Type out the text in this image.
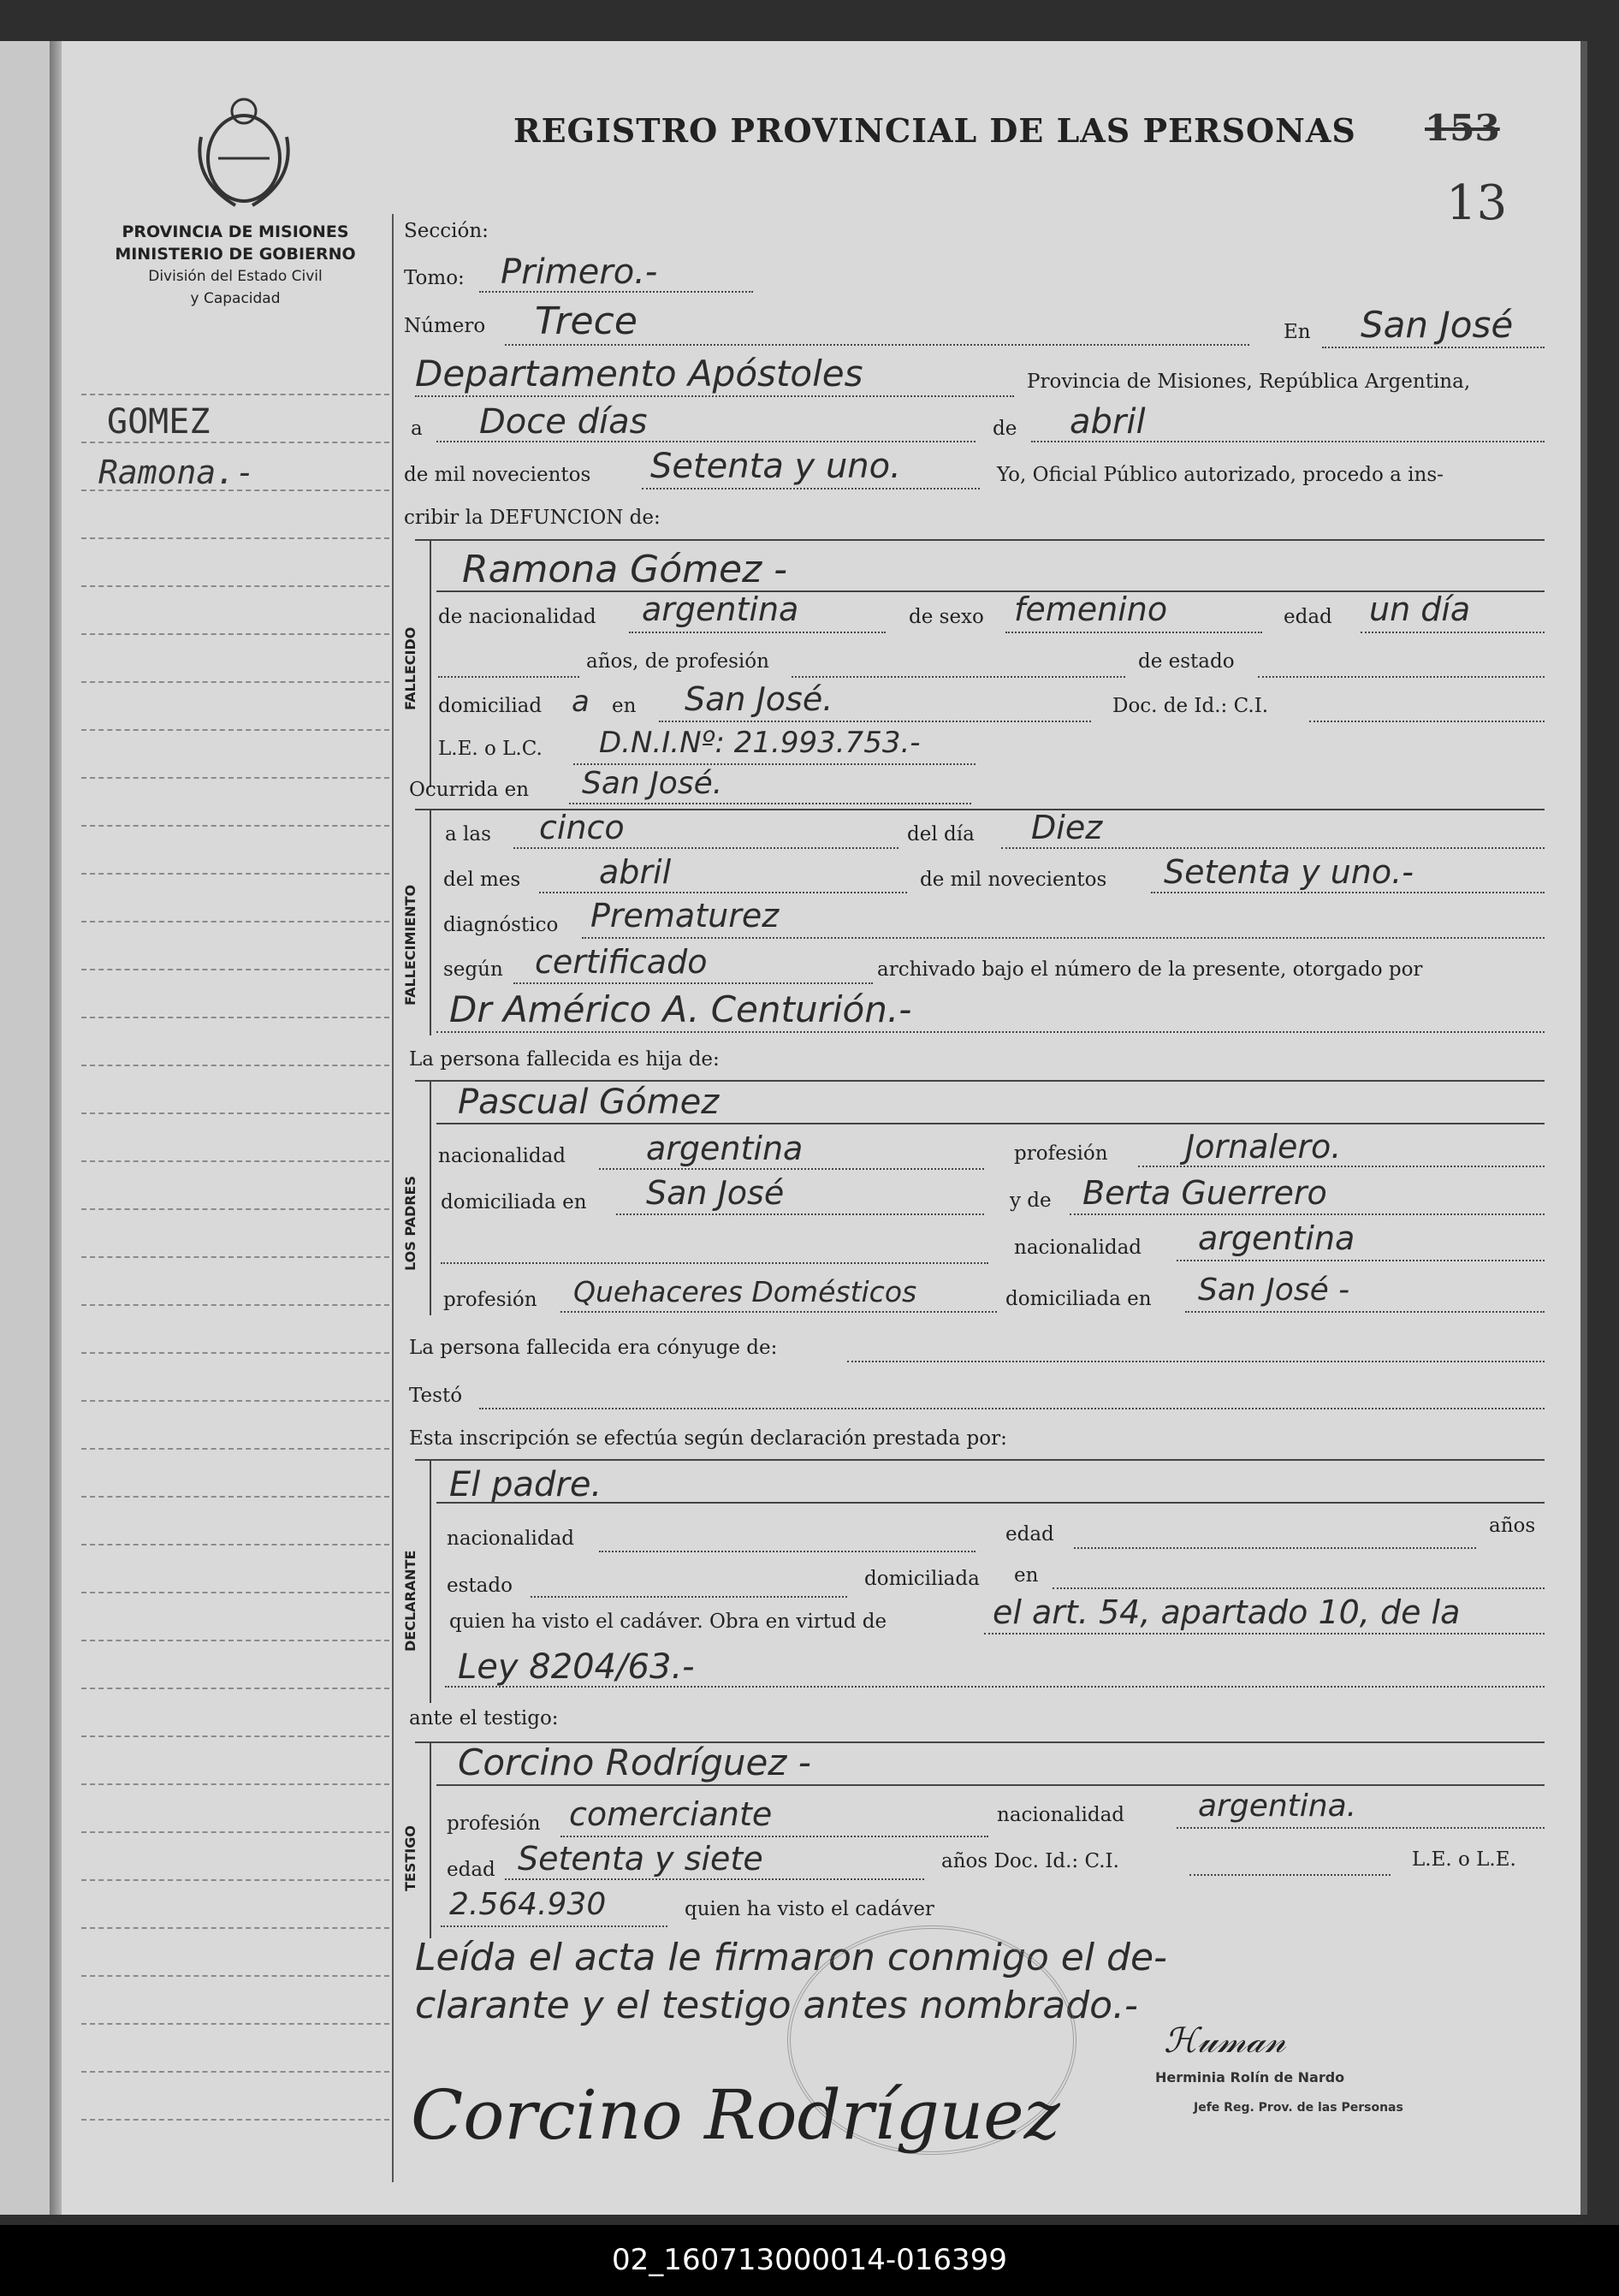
REGISTRO PROVINCIAL DE LAS PERSONAS 153
13
PROVINCIA DE MISIONES
MINISTERIO DE GOBIERNO
División del Estado Civil
y Capacidad
GOMEZ
Ramona.-
Sección:
Tomo: Primero.-
Número Trece	En San José
Departamento Apóstoles	Provincia de Misiones, República Argentina,
a Doce días	de abril
de mil novecientos Setenta y uno.	Yo, Oficial Público autorizado, procedo a ins-
cribir la DEFUNCION de:
FALLECIDO
Ramona Gómez -
de nacionalidad argentina	de sexo femenino	edad un día
años, de profesión	de estado
domiciliad a en San José.	Doc. de Id.: C.I.
L.E. o L.C. D.N.I.Nº: 21.993.753.-
Ocurrida en San José.
FALLECIMIENTO
a las cinco	del día Diez
del mes abril	de mil novecientos Setenta y uno.-
diagnóstico Prematurez
según certificado	archivado bajo el número de la presente, otorgado por
Dr Américo A. Centurión.-
La persona fallecida es hija de:
LOS PADRES
Pascual Gómez
nacionalidad argentina	profesión Jornalero.
domiciliada en San José	y de Berta Guerrero
nacionalidad argentina
profesión Quehaceres Domésticos	domiciliada en San José -
La persona fallecida era cónyuge de:
Testó
Esta inscripción se efectúa según declaración prestada por:
DECLARANTE
El padre.
nacionalidad	edad	años
estado	domiciliada en
quien ha visto el cadáver. Obra en virtud de	el art. 54, apartado 10, de la
Ley 8204/63.-
ante el testigo:
TESTIGO
Corcino Rodríguez -
profesión comerciante	nacionalidad argentina.
edad Setenta y siete	años Doc. Id.: C.I.	L.E. o L.E.
2.564.930	quien ha visto el cadáver
Leída el acta le firmaron conmigo el de-
clarante y el testigo antes nombrado.-
ℋ𝓊𝓂𝒶𝓃
Herminia Rolín de Nardo
Jefe Reg. Prov. de las Personas
Corcino Rodríguez
02_160713000014-016399
